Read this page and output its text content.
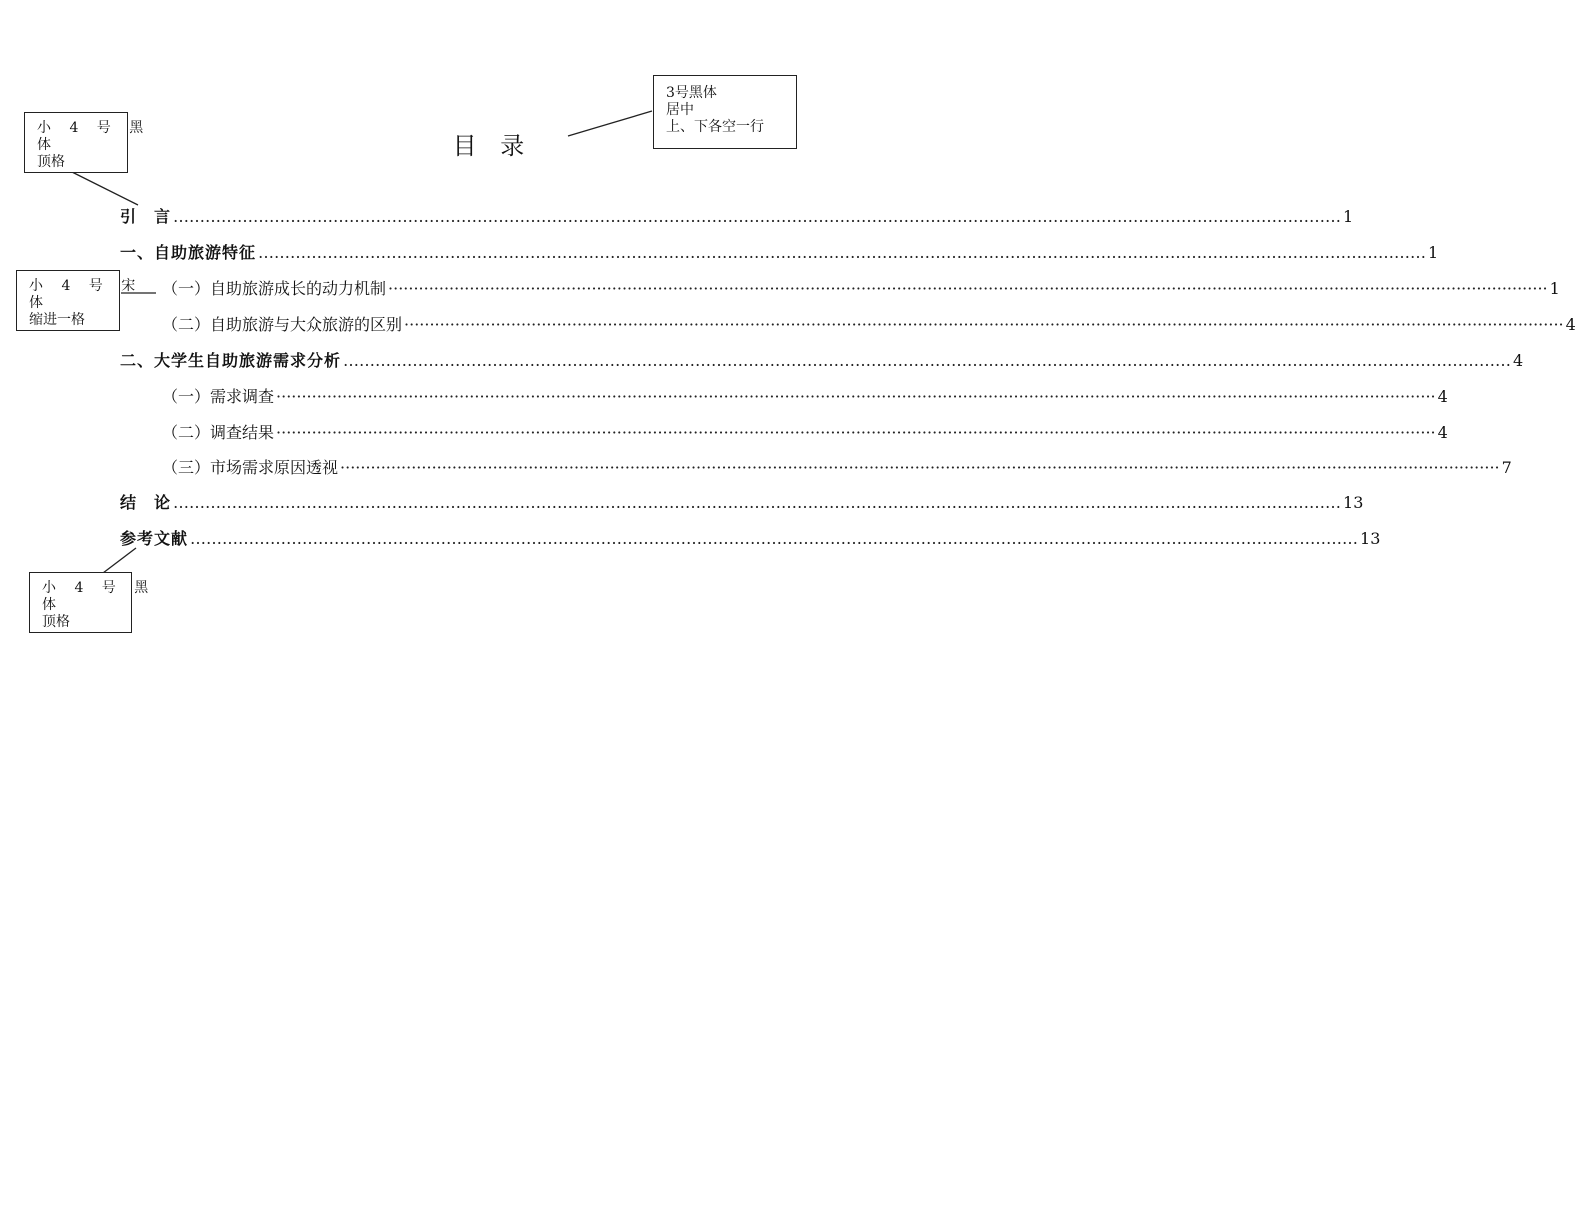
目 录
引　言 …………………………………………………………………………………………………………………………………………………………………………………………………	1
一、自助旅游特征 …………………………………………………………………………………………………………………………………………………………………………………………………	1
（一）自助旅游成长的动力机制 ·····	1
（二）自助旅游与大众旅游的区别 ·····	4
二、大学生自助旅游需求分析 …………………………………………………………………………………………………………………………………………………………………………………………………	4
（一）需求调查 ·····	4
（二）调查结果 ·····	4
（三）市场需求原因透视 ·····	7
结　论 …………………………………………………………………………………………………………………………………………………………………………………………………	13
参考文献 …………………………………………………………………………………………………………………………………………………………………………………………………	13
3号黑体
居中
上、下各空一行
小 4 号 黑
体
顶格
小 4 号 宋
体
缩进一格
小 4 号 黑
体
顶格
